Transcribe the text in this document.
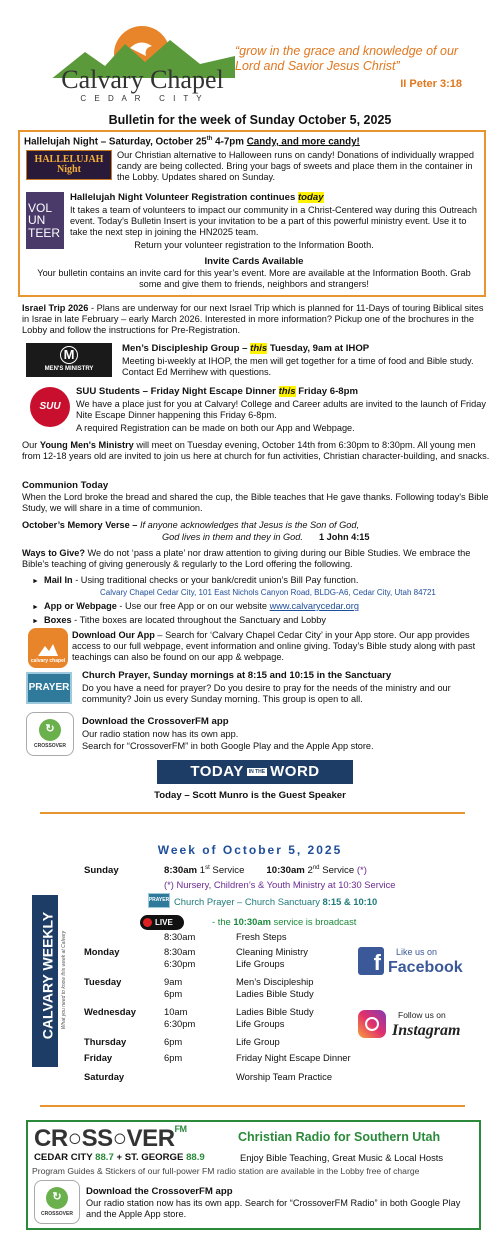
Calvary Chapel
C E D A R   C I T Y
“grow in the grace and knowledge of our Lord and Savior Jesus Christ”
II Peter 3:18
Bulletin for the week of Sunday October 5, 2025
Hallelujah Night – Saturday, October 25th 4-7pm Candy, and more candy!
HALLELUJAH Night
Our Christian alternative to Halloween runs on candy! Donations of individually wrapped candy are being collected. Bring your bags of sweets and place them in the container in the Lobby. Updates shared on Sunday.
VOL UN TEER
Hallelujah Night Volunteer Registration continues today
It takes a team of volunteers to impact our community in a Christ-Centered way during this Outreach event. Today’s Bulletin Insert is your invitation to be a part of this powerful ministry event. Use it to take the next step in joining the HN2025 team.
Return your volunteer registration to the Information Booth.
Invite Cards Available
Your bulletin contains an invite card for this year’s event. More are available at the Information Booth. Grab some and give them to friends, neighbors and strangers!
Israel Trip 2026 - Plans are underway for our next Israel Trip which is planned for 11-Days of touring Biblical sites in Israe in late February – early March 2026. Interested in more information? Pickup one of the brochures in the Lobby and follow the instructions for Pre-Registration.
M
MEN'S MINISTRY
Men’s Discipleship Group – this Tuesday, 9am at IHOP
Meeting bi-weekly at IHOP, the men will get together for a time of food and Bible study. Contact Ed Merrihew with questions.
SUU
SUU Students – Friday Night Escape Dinner this Friday 6-8pm
We have a place just for you at Calvary! College and Career adults are invited to the launch of Friday Nite Escape Dinner happening this Friday 6-8pm.
A required Registration can be made on both our App and Webpage.
Our Young Men's Ministry will meet on Tuesday evening, October 14th from 6:30pm to 8:30pm. All young men from 12-18 years old are invited to join us here at church for fun activities, Christian character-building, and snacks.
Communion Today
When the Lord broke the bread and shared the cup, the Bible teaches that He gave thanks. Following today's Bible Study, we will share in a time of communion.
October’s Memory Verse – If anyone acknowledges that Jesus is the Son of God,
God lives in them and they in God. 1 John 4:15
Ways to Give? We do not ‘pass a plate’ nor draw attention to giving during our Bible Studies. We embrace the Bible’s teaching of giving generously & regularly to the Lord offering the following.
► Mail In - Using traditional checks or your bank/credit union’s Bill Pay function.
Calvary Chapel Cedar City, 101 East Nichols Canyon Road, BLDG-A6, Cedar City, Utah 84721
► App or Webpage - Use our free App or on our website www.calvarycedar.org
► Boxes - Tithe boxes are located throughout the Sanctuary and Lobby
calvary chapel
Download Our App – Search for ‘Calvary Chapel Cedar City’ in your App store. Our app provides access to our full webpage, event information and online giving. Today’s Bible study along with past teachings can also be found on our app & webpage.
PRAYER
Church Prayer, Sunday mornings at 8:15 and 10:15 in the Sanctuary
Do you have a need for prayer? Do you desire to pray for the needs of the ministry and our community? Join us every Sunday morning. This group is open to all.
↻
CROSSOVER
Download the CrossoverFM app
Our radio station now has its own app.
Search for “CrossoverFM” in both Google Play and the Apple App store.
TODAY	IN THE WORD
Today – Scott Munro is the Guest Speaker
Week of October 5, 2025
CALVARY WEEKLY What you need to know this week at Calvary
Sunday	8:30am 1st Service 10:30am 2nd Service (*)
(*) Nursery, Children’s & Youth Ministry at 10:30 Service
PRAYER Church Prayer – Church Sanctuary 8:15 & 10:10
LIVE	- the 10:30am service is broadcast
8:30am	Fresh Steps
Monday	8:30am	Cleaning Ministry
6:30pm	Life Groups
Tuesday	9am	Men’s Discipleship
6pm	Ladies Bible Study
Wednesday	10am	Ladies Bible Study
6:30pm	Life Groups
Thursday	6pm	Life Group
Friday	6pm	Friday Night Escape Dinner
Saturday	Worship Team Practice
f	Like us on
Facebook
Follow us on
Instagram
$CR○SS○VER^{FM}$
Christian Radio for Southern Utah
CEDAR CITY 88.7 + ST. GEORGE 88.9	Enjoy Bible Teaching, Great Music & Local Hosts
Program Guides & Stickers of our full-power FM radio station are available in the Lobby free of charge
↻
CROSSOVER
Download the CrossoverFM app
Our radio station now has its own app. Search for “CrossoverFM Radio” in both Google Play and the Apple App store.
